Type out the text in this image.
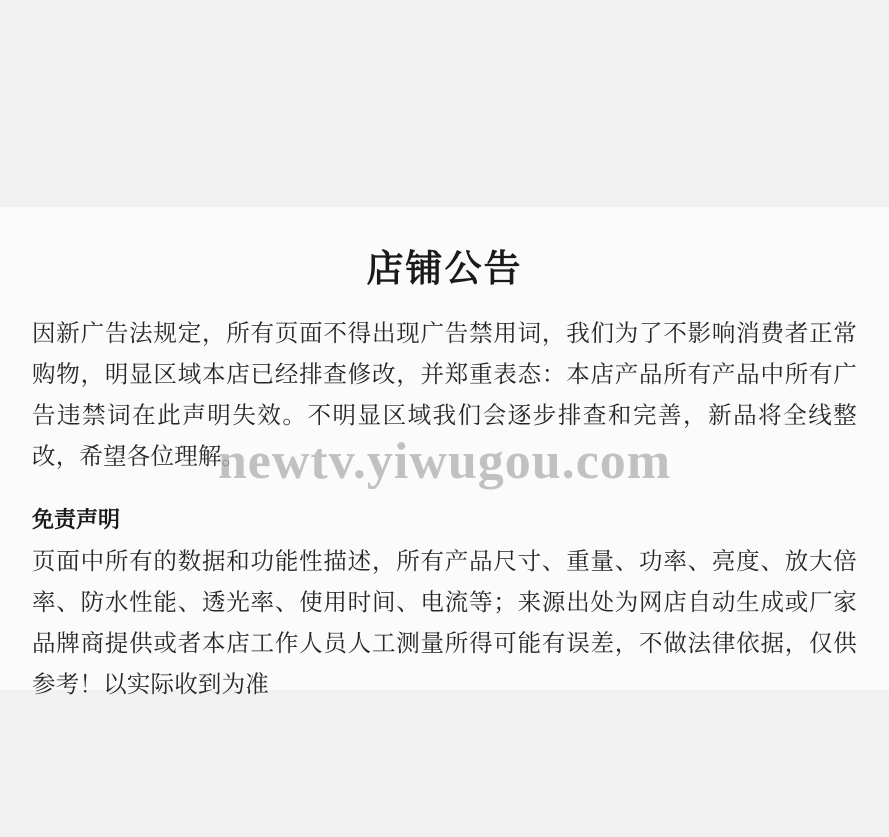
店铺公告

因新广告法规定，所有页面不得出现广告禁用词，我们为了不影响消费者正常购物，明显区域本店已经排查修改，并郑重表态：本店产品所有产品中所有广告违禁词在此声明失效。不明显区域我们会逐步排查和完善，新品将全线整改，希望各位理解。

免责声明

页面中所有的数据和功能性描述，所有产品尺寸、重量、功率、亮度、放大倍率、防水性能、透光率、使用时间、电流等；来源出处为网店自动生成或厂家品牌商提供或者本店工作人员人工测量所得可能有误差，不做法律依据，仅供参考！以实际收到为准

newtv.yiwugou.com
